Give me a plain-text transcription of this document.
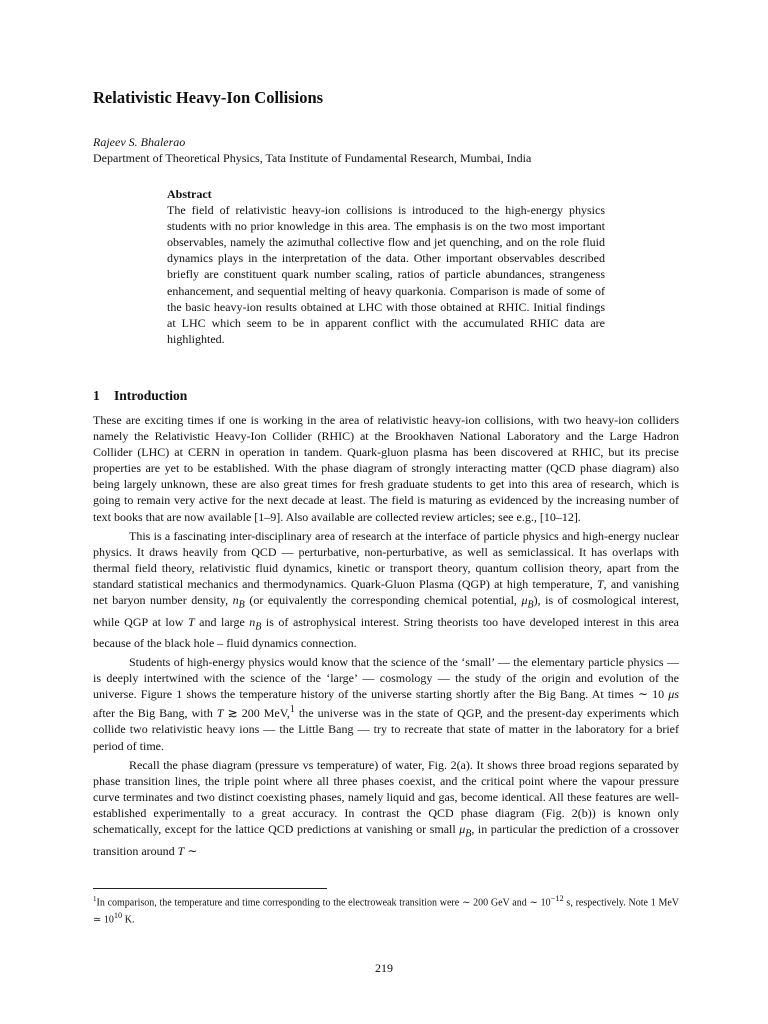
Relativistic Heavy-Ion Collisions
Rajeev S. Bhalerao
Department of Theoretical Physics, Tata Institute of Fundamental Research, Mumbai, India
Abstract
The field of relativistic heavy-ion collisions is introduced to the high-energy physics students with no prior knowledge in this area. The emphasis is on the two most important observables, namely the azimuthal collective flow and jet quenching, and on the role fluid dynamics plays in the interpretation of the data. Other important observables described briefly are constituent quark number scaling, ratios of particle abundances, strangeness enhancement, and sequential melting of heavy quarkonia. Comparison is made of some of the basic heavy-ion results obtained at LHC with those obtained at RHIC. Initial findings at LHC which seem to be in apparent conflict with the accumulated RHIC data are highlighted.
1 Introduction

These are exciting times if one is working in the area of relativistic heavy-ion collisions, with two heavy-ion colliders namely the Relativistic Heavy-Ion Collider (RHIC) at the Brookhaven National Laboratory and the Large Hadron Collider (LHC) at CERN in operation in tandem. Quark-gluon plasma has been discovered at RHIC, but its precise properties are yet to be established. With the phase diagram of strongly interacting matter (QCD phase diagram) also being largely unknown, these are also great times for fresh graduate students to get into this area of research, which is going to remain very active for the next decade at least. The field is maturing as evidenced by the increasing number of text books that are now available [1–9]. Also available are collected review articles; see e.g., [10–12].

This is a fascinating inter-disciplinary area of research at the interface of particle physics and high-energy nuclear physics. It draws heavily from QCD — perturbative, non-perturbative, as well as semiclassical. It has overlaps with thermal field theory, relativistic fluid dynamics, kinetic or transport theory, quantum collision theory, apart from the standard statistical mechanics and thermodynamics. Quark-Gluon Plasma (QGP) at high temperature, T, and vanishing net baryon number density, $n_B$ (or equivalently the corresponding chemical potential, $\mu_B$), is of cosmological interest, while QGP at low T and large $n_B$ is of astrophysical interest. String theorists too have developed interest in this area because of the black hole – fluid dynamics connection.

Students of high-energy physics would know that the science of the ‘small’ — the elementary particle physics — is deeply intertwined with the science of the ‘large’ — cosmology — the study of the origin and evolution of the universe. Figure 1 shows the temperature history of the universe starting shortly after the Big Bang. At times ∼ 10 μs after the Big Bang, with T ≳ 200 MeV,$^1$ the universe was in the state of QGP, and the present-day experiments which collide two relativistic heavy ions — the Little Bang — try to recreate that state of matter in the laboratory for a brief period of time.

Recall the phase diagram (pressure vs temperature) of water, Fig. 2(a). It shows three broad regions separated by phase transition lines, the triple point where all three phases coexist, and the critical point where the vapour pressure curve terminates and two distinct coexisting phases, namely liquid and gas, become identical. All these features are well-established experimentally to a great accuracy. In contrast the QCD phase diagram (Fig. 2(b)) is known only schematically, except for the lattice QCD predictions at vanishing or small $\mu_B$, in particular the prediction of a crossover transition around T ∼

$^1$In comparison, the temperature and time corresponding to the electroweak transition were ∼ 200 GeV and ∼ $10^{-12}$ s, respectively. Note 1 MeV ≃ $10^{10}$ K.
219
